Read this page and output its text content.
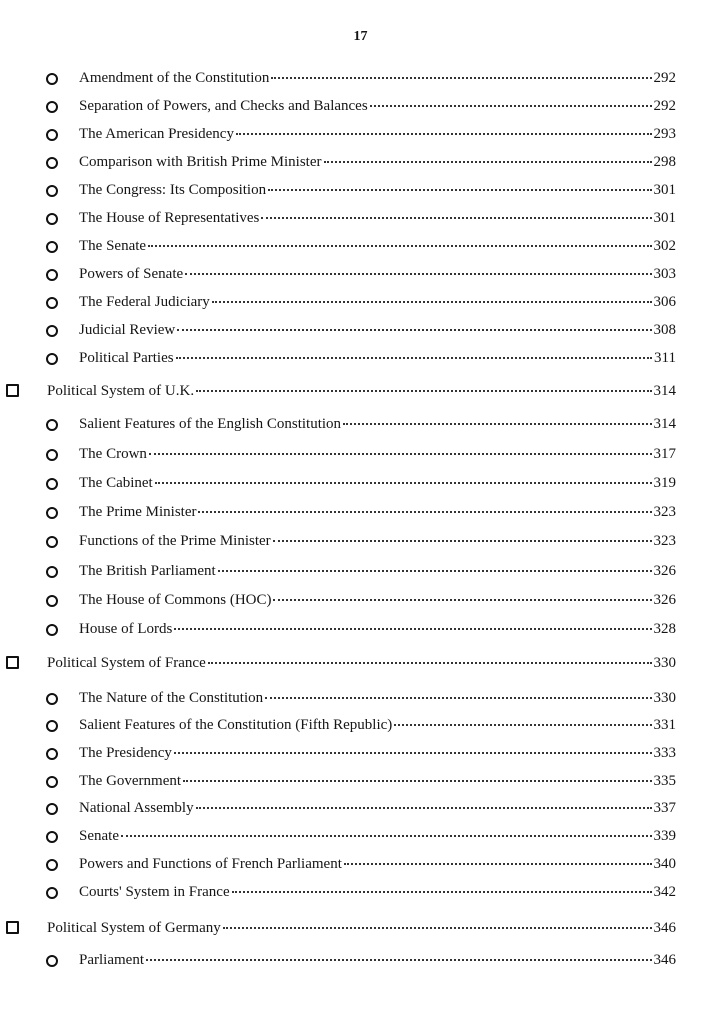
17
Amendment of the Constitution	292
Separation of Powers, and Checks and Balances	292
The American Presidency	293
Comparison with British Prime Minister	298
The Congress: Its Composition	301
The House of Representatives	301
The Senate	302
Powers of Senate	303
The Federal Judiciary	306
Judicial Review	308
Political Parties	311
Political System of U.K.	314
Salient Features of the English Constitution	314
The Crown	317
The Cabinet	319
The Prime Minister	323
Functions of the Prime Minister	323
The British Parliament	326
The House of Commons (HOC)	326
House of Lords	328
Political System of France	330
The Nature of the Constitution	330
Salient Features of the Constitution (Fifth Republic)	331
The Presidency	333
The Government	335
National Assembly	337
Senate	339
Powers and Functions of French Parliament	340
Courts' System in France	342
Political System of Germany	346
Parliament	346
